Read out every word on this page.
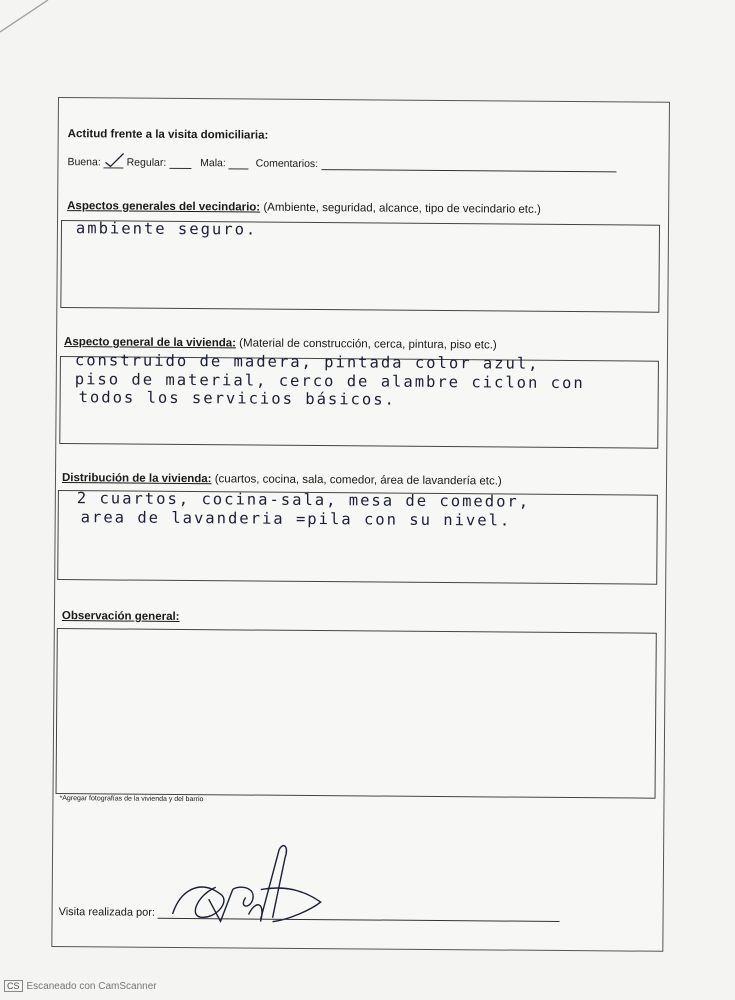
Actitud frente a la visita domiciliaria:
Buena: Regular:	Mala:	Comentarios:
Aspectos generales del vecindario: (Ambiente, seguridad, alcance, tipo de vecindario etc.)
ambiente seguro.
Aspecto general de la vivienda: (Material de construcción, cerca, pintura, piso etc.)
construido de madera, pintada color azul,
piso de material, cerco de alambre ciclon con
todos los servicios básicos.
Distribución de la vivienda: (cuartos, cocina, sala, comedor, área de lavandería etc.)
2 cuartos, cocina-sala, mesa de comedor,
area de lavanderia =pila con su nivel.
Observación general:
*Agregar fotografías de la vivienda y del barrio
Visita realizada por:
CS Escaneado con CamScanner
